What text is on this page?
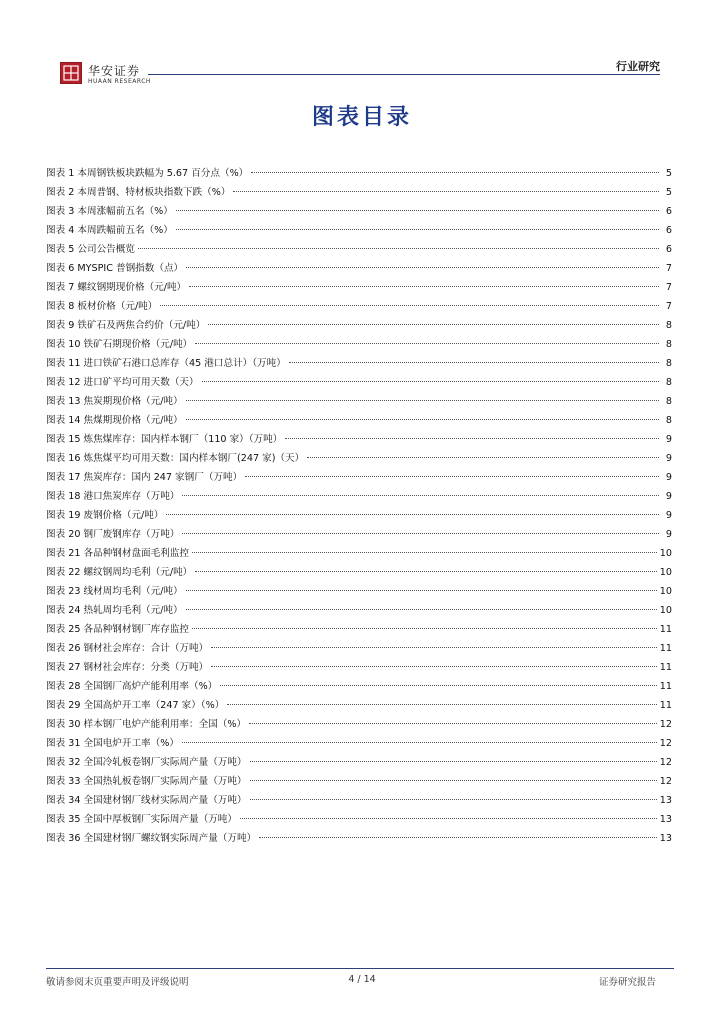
华安证券
HUAAN RESEARCH
行业研究
图表目录
图表 1 本周钢铁板块跌幅为 5.67 百分点（%）	5
图表 2 本周普钢、特材板块指数下跌（%）	5
图表 3 本周涨幅前五名（%）	6
图表 4 本周跌幅前五名（%）	6
图表 5 公司公告概览	6
图表 6 MYSPIC 普钢指数（点）	7
图表 7 螺纹钢期现价格（元/吨）	7
图表 8 板材价格（元/吨）	7
图表 9 铁矿石及两焦合约价（元/吨）	8
图表 10 铁矿石期现价格（元/吨）	8
图表 11 进口铁矿石港口总库存（45 港口总计）（万吨）	8
图表 12 进口矿平均可用天数（天）	8
图表 13 焦炭期现价格（元/吨）	8
图表 14 焦煤期现价格（元/吨）	8
图表 15 炼焦煤库存：国内样本钢厂（110 家）（万吨）	9
图表 16 炼焦煤平均可用天数：国内样本钢厂(247 家)（天）	9
图表 17 焦炭库存：国内 247 家钢厂（万吨）	9
图表 18 港口焦炭库存（万吨）	9
图表 19 废钢价格（元/吨）	9
图表 20 钢厂废钢库存（万吨）	9
图表 21 各品种钢材盘面毛利监控	10
图表 22 螺纹钢周均毛利（元/吨）	10
图表 23 线材周均毛利（元/吨）	10
图表 24 热轧周均毛利（元/吨）	10
图表 25 各品种钢材钢厂库存监控	11
图表 26 钢材社会库存：合计（万吨）	11
图表 27 钢材社会库存：分类（万吨）	11
图表 28 全国钢厂高炉产能利用率（%）	11
图表 29 全国高炉开工率（247 家）（%）	11
图表 30 样本钢厂电炉产能利用率：全国（%）	12
图表 31 全国电炉开工率（%）	12
图表 32 全国冷轧板卷钢厂实际周产量（万吨）	12
图表 33 全国热轧板卷钢厂实际周产量（万吨）	12
图表 34 全国建材钢厂线材实际周产量（万吨）	13
图表 35 全国中厚板钢厂实际周产量（万吨）	13
图表 36 全国建材钢厂螺纹钢实际周产量（万吨）	13
敬请参阅末页重要声明及评级说明	4 / 14	证券研究报告
